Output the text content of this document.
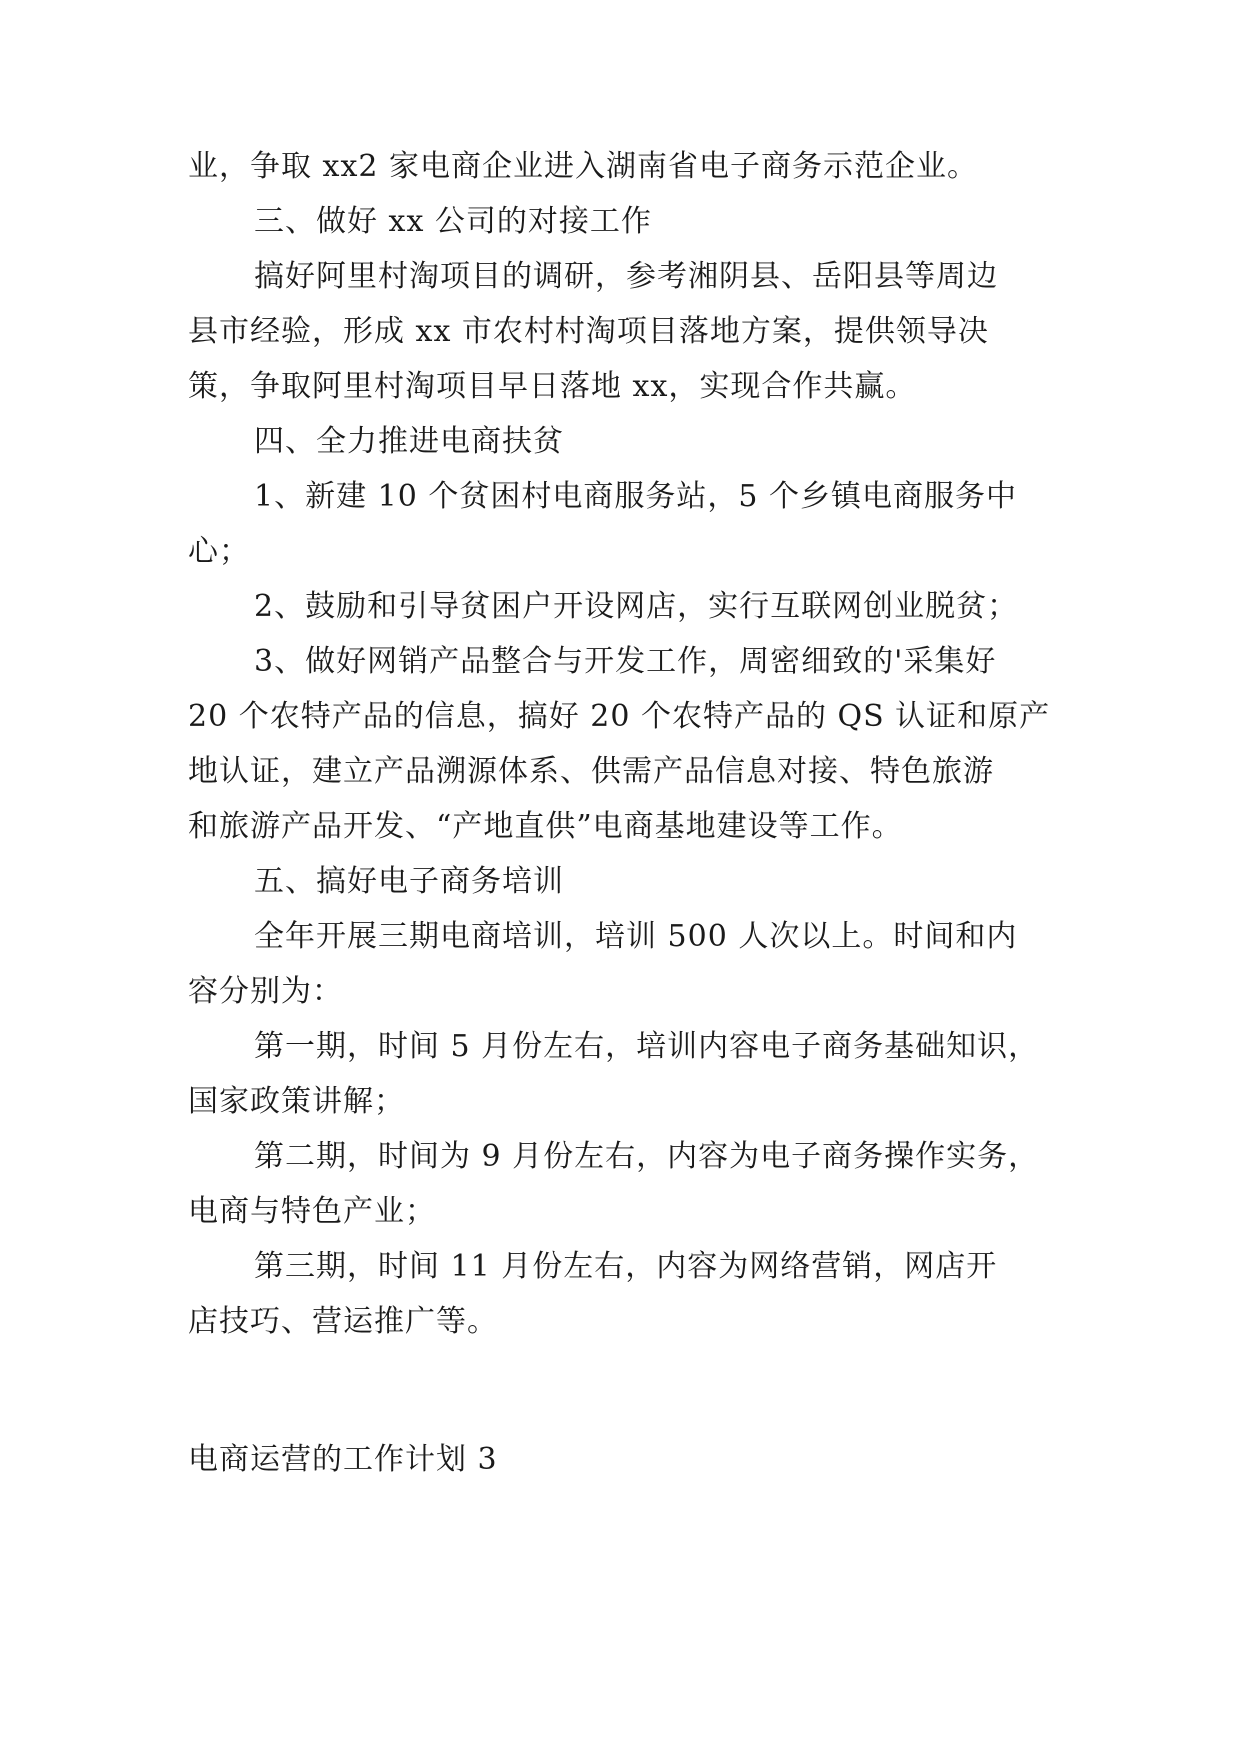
业，争取 xx2 家电商企业进入湖南省电子商务示范企业。
三、做好 xx 公司的对接工作
搞好阿里村淘项目的调研，参考湘阴县、岳阳县等周边
县市经验，形成 xx 市农村村淘项目落地方案，提供领导决
策，争取阿里村淘项目早日落地 xx，实现合作共赢。
四、全力推进电商扶贫
1、新建 10 个贫困村电商服务站，5 个乡镇电商服务中
心；
2、鼓励和引导贫困户开设网店，实行互联网创业脱贫；
3、做好网销产品整合与开发工作，周密细致的'采集好
20 个农特产品的信息，搞好 20 个农特产品的 QS 认证和原产
地认证，建立产品溯源体系、供需产品信息对接、特色旅游
和旅游产品开发、“产地直供”电商基地建设等工作。
五、搞好电子商务培训
全年开展三期电商培训，培训 500 人次以上。时间和内
容分别为：
第一期，时间 5 月份左右，培训内容电子商务基础知识，
国家政策讲解；
第二期，时间为 9 月份左右，内容为电子商务操作实务，
电商与特色产业；
第三期，时间 11 月份左右，内容为网络营销，网店开
店技巧、营运推广等。
电商运营的工作计划 3
